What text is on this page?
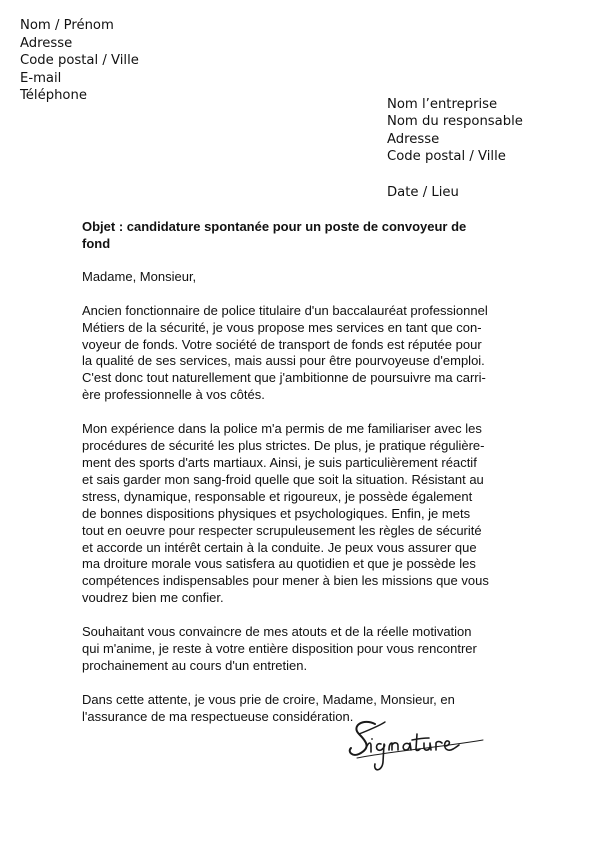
Nom / Prénom
Adresse
Code postal / Ville
E-mail
Téléphone
Nom l’entreprise
Nom du responsable
Adresse
Code postal / Ville
Date / Lieu
Objet : candidature spontanée pour un poste de convoyeur de
fond

Madame, Monsieur,

Ancien fonctionnaire de police titulaire d'un baccalauréat professionnel
Métiers de la sécurité, je vous propose mes services en tant que con-
voyeur de fonds. Votre société de transport de fonds est réputée pour
la qualité de ses services, mais aussi pour être pourvoyeuse d'emploi.
C'est donc tout naturellement que j'ambitionne de poursuivre ma carri-
ère professionnelle à vos côtés.

Mon expérience dans la police m'a permis de me familiariser avec les
procédures de sécurité les plus strictes. De plus, je pratique régulière-
ment des sports d'arts martiaux. Ainsi, je suis particulièrement réactif
et sais garder mon sang-froid quelle que soit la situation. Résistant au
stress, dynamique, responsable et rigoureux, je possède également
de bonnes dispositions physiques et psychologiques. Enfin, je mets
tout en oeuvre pour respecter scrupuleusement les règles de sécurité
et accorde un intérêt certain à la conduite. Je peux vous assurer que
ma droiture morale vous satisfera au quotidien et que je possède les
compétences indispensables pour mener à bien les missions que vous
voudrez bien me confier.

Souhaitant vous convaincre de mes atouts et de la réelle motivation
qui m'anime, je reste à votre entière disposition pour vous rencontrer
prochainement au cours d'un entretien.

Dans cette attente, je vous prie de croire, Madame, Monsieur, en
l'assurance de ma respectueuse considération.
